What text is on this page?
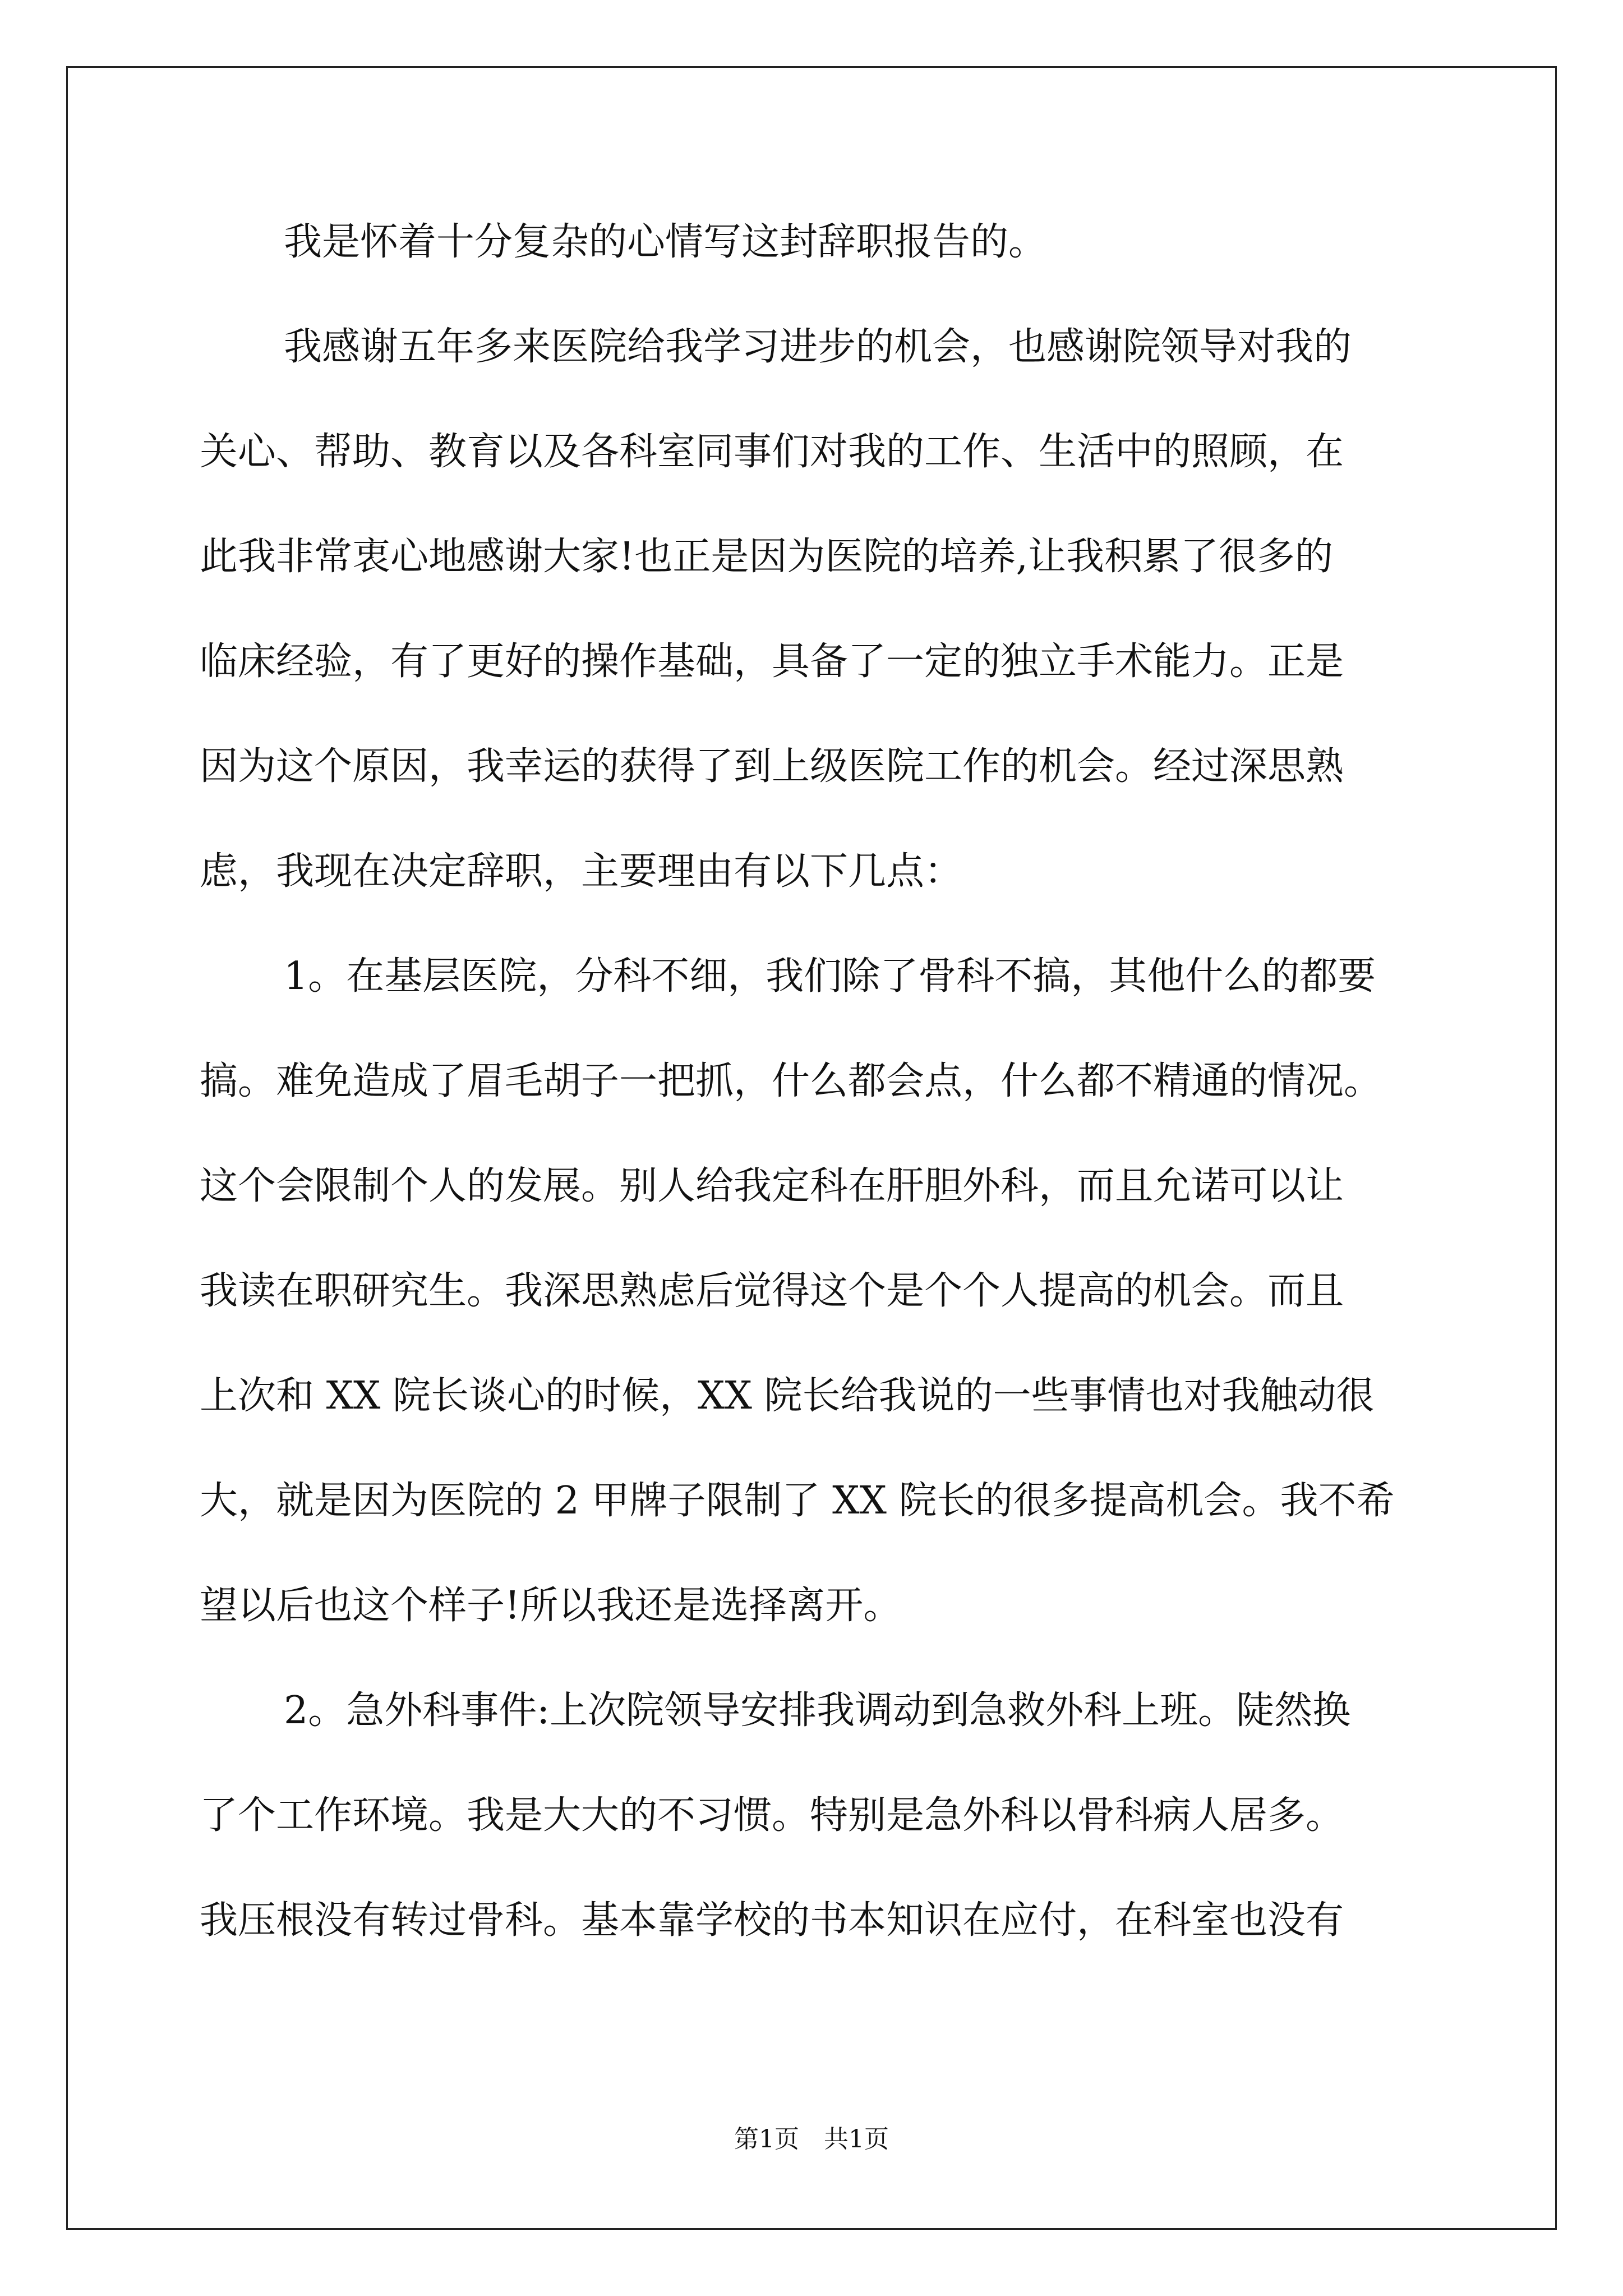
我是怀着十分复杂的心情写这封辞职报告的。
我感谢五年多来医院给我学习进步的机会，也感谢院领导对我的
关心、帮助、教育以及各科室同事们对我的工作、生活中的照顾，在
此我非常衷心地感谢大家!也正是因为医院的培养,让我积累了很多的
临床经验，有了更好的操作基础，具备了一定的独立手术能力。正是
因为这个原因，我幸运的获得了到上级医院工作的机会。经过深思熟
虑，我现在决定辞职，主要理由有以下几点：
1。在基层医院，分科不细，我们除了骨科不搞，其他什么的都要
搞。难免造成了眉毛胡子一把抓，什么都会点，什么都不精通的情况。
这个会限制个人的发展。别人给我定科在肝胆外科，而且允诺可以让
我读在职研究生。我深思熟虑后觉得这个是个个人提高的机会。而且
上次和 XX 院长谈心的时候，XX 院长给我说的一些事情也对我触动很
大，就是因为医院的 2 甲牌子限制了 XX 院长的很多提高机会。我不希
望以后也这个样子!所以我还是选择离开。
2。急外科事件:上次院领导安排我调动到急救外科上班。陡然换
了个工作环境。我是大大的不习惯。特别是急外科以骨科病人居多。
我压根没有转过骨科。基本靠学校的书本知识在应付，在科室也没有
第1页　共1页
